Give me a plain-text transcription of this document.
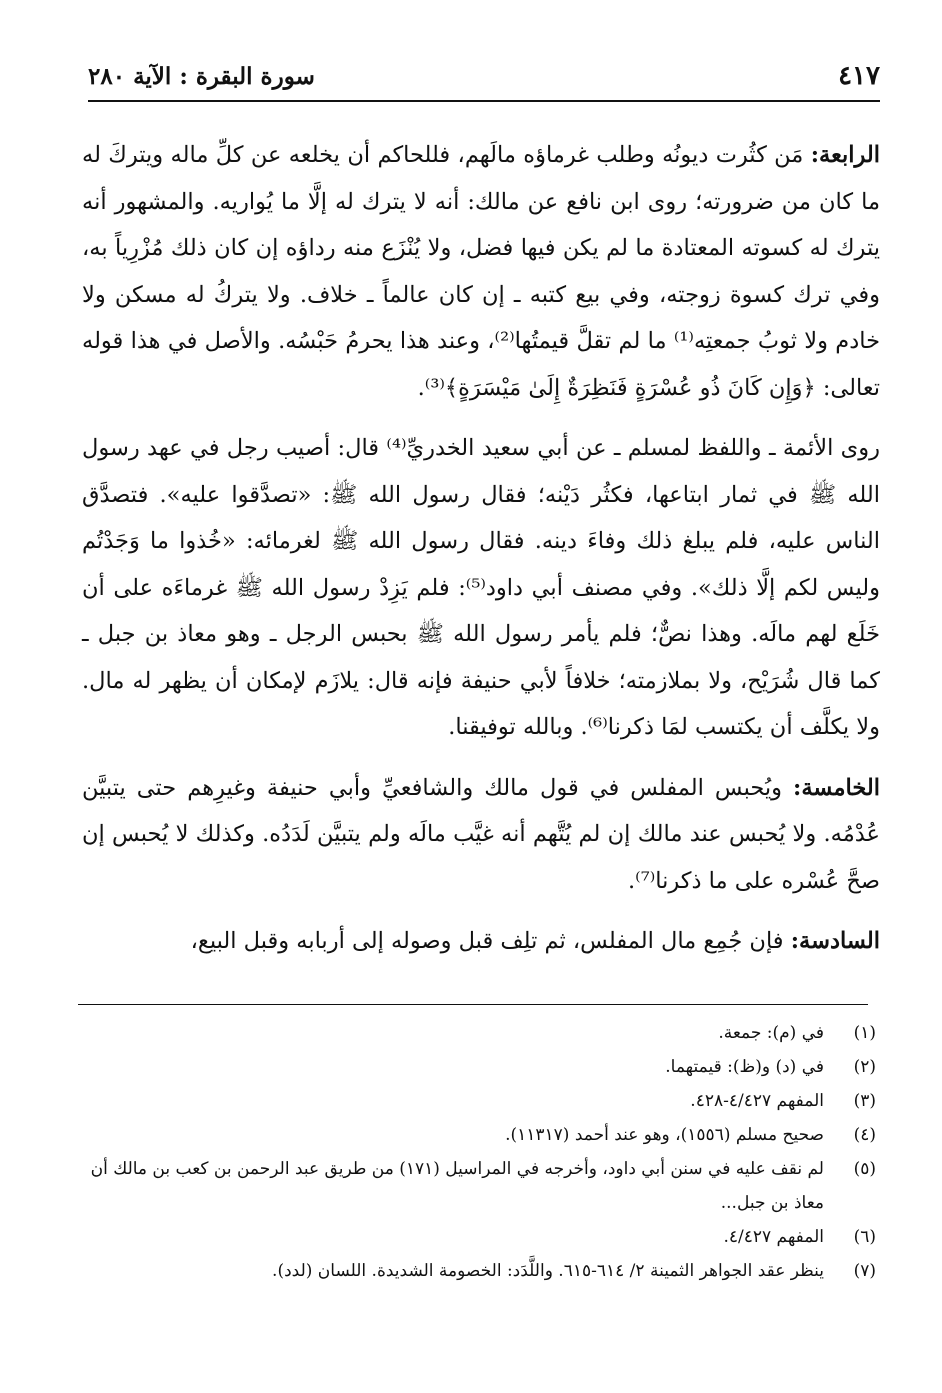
سورة البقرة : الآية ٢٨٠	٤١٧

الرابعة: مَن كثُرت ديونُه وطلب غرماؤه مالَهم، فللحاكم أن يخلعه عن كلِّ ماله ويتركَ له ما كان من ضرورته؛ روى ابن نافع عن مالك: أنه لا يترك له إلَّا ما يُواريه. والمشهور أنه يترك له كسوته المعتادة ما لم يكن فيها فضل، ولا يُنْزَع منه رداؤه إن كان ذلك مُزْرِياً به، وفي ترك كسوة زوجته، وفي بيع كتبه ـ إن كان عالماً ـ خلاف. ولا يتركُ له مسكن ولا خادم ولا ثوبُ جمعتِه⁽¹⁾ ما لم تقلَّ قيمتُها⁽²⁾، وعند هذا يحرمُ حَبْسُه. والأصل في هذا قوله تعالى: ﴿وَإِن كَانَ ذُو عُسْرَةٍ فَنَظِرَةٌ إِلَىٰ مَيْسَرَةٍ﴾⁽³⁾.

روى الأئمة ـ واللفظ لمسلم ـ عن أبي سعيد الخدريِّ⁽⁴⁾ قال: أصيب رجل في عهد رسول الله ﷺ في ثمار ابتاعها، فكثُر دَيْنه؛ فقال رسول الله ﷺ: «تصدَّقوا عليه». فتصدَّق الناس عليه، فلم يبلغ ذلك وفاءَ دينه. فقال رسول الله ﷺ لغرمائه: «خُذوا ما وَجَدْتُم وليس لكم إلَّا ذلك». وفي مصنف أبي داود⁽⁵⁾: فلم يَزِدْ رسول الله ﷺ غرماءَه على أن خَلَع لهم مالَه. وهذا نصٌّ؛ فلم يأمر رسول الله ﷺ بحبس الرجل ـ وهو معاذ بن جبل ـ كما قال شُرَيْح، ولا بملازمته؛ خلافاً لأبي حنيفة فإنه قال: يلازَم لإمكان أن يظهر له مال. ولا يكلَّف أن يكتسب لمَا ذكرنا⁽⁶⁾. وبالله توفيقنا.

الخامسة: ويُحبس المفلس في قول مالك والشافعيِّ وأبي حنيفة وغيرِهم حتى يتبيَّن عُدْمُه. ولا يُحبس عند مالك إن لم يُتَّهم أنه غيَّب مالَه ولم يتبيَّن لَدَدُه. وكذلك لا يُحبس إن صحَّ عُسْره على ما ذكرنا⁽⁷⁾.

السادسة: فإن جُمِع مال المفلس، ثم تلِف قبل وصوله إلى أربابه وقبل البيع،

(١)
في (م): جمعة.
(٢)
في (د) و(ظ): قيمتهما.
(٣)
المفهم ٤/٤٢٧-٤٢٨.
(٤)
صحيح مسلم (١٥٥٦)، وهو عند أحمد (١١٣١٧).
(٥)
لم نقف عليه في سنن أبي داود، وأخرجه في المراسيل (١٧١) من طريق عبد الرحمن بن كعب بن مالك أن معاذ بن جبل...
(٦)
المفهم ٤/٤٢٧.
(٧)
ينظر عقد الجواهر الثمينة ٢/ ٦١٤-٦١٥. واللَّدَد: الخصومة الشديدة. اللسان (لدد).
